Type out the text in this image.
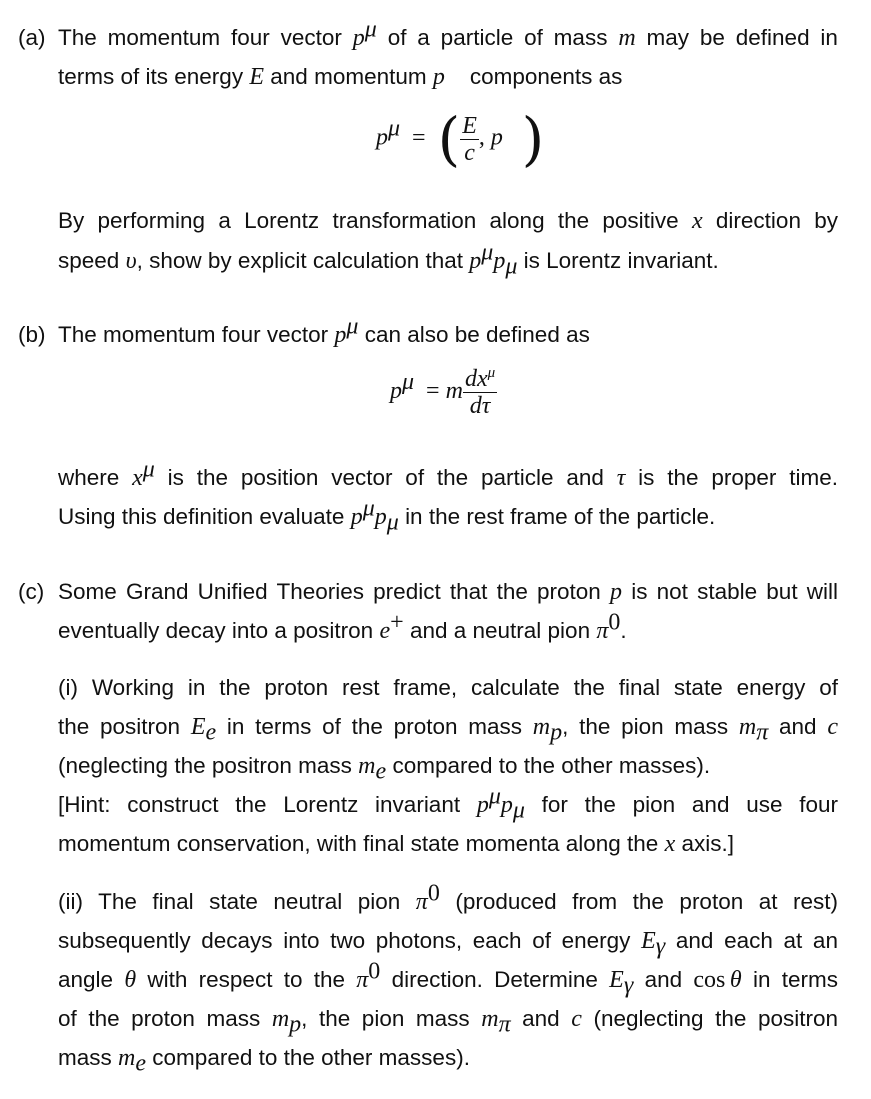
(a) The momentum four vector $p^\mu$ of a particle of mass m may be defined in
terms of its energy E and momentum p⃗ components as
$p^\mu$ = ( $\frac{E}{c}$ , p⃗)
By performing a Lorentz transformation along the positive x direction by
speed υ, show by explicit calculation that $p^\mu p_\mu$ is Lorentz invariant.
(b) The momentum four vector $p^\mu$ can also be defined as
$p^\mu = m \frac{dx^\mu}{d\tau}$
where $x^\mu$ is the position vector of the particle and τ is the proper time.
Using this definition evaluate $p^\mu p_\mu$ in the rest frame of the particle.
(c) Some Grand Unified Theories predict that the proton p is not stable but will
eventually decay into a positron e+ and a neutral pion $\pi^0$.
(i) Working in the proton rest frame, calculate the final state energy of
the positron $E_e$ in terms of the proton mass $m_p$, the pion mass $m_\pi$ and c
(neglecting the positron mass $m_e$ compared to the other masses).
[Hint: construct the Lorentz invariant $p^\mu p_\mu$ for the pion and use four
momentum conservation, with final state momenta along the x axis.]
(ii) The final state neutral pion $\pi^0$ (produced from the proton at rest)
subsequently decays into two photons, each of energy $E_\gamma$ and each at an
angle θ with respect to the $\pi^0$ direction. Determine $E_\gamma$ and cos  θ in terms
of the proton mass $m_p$, the pion mass $m_\pi$ and c (neglecting the positron
mass $m_e$ compared to the other masses).
